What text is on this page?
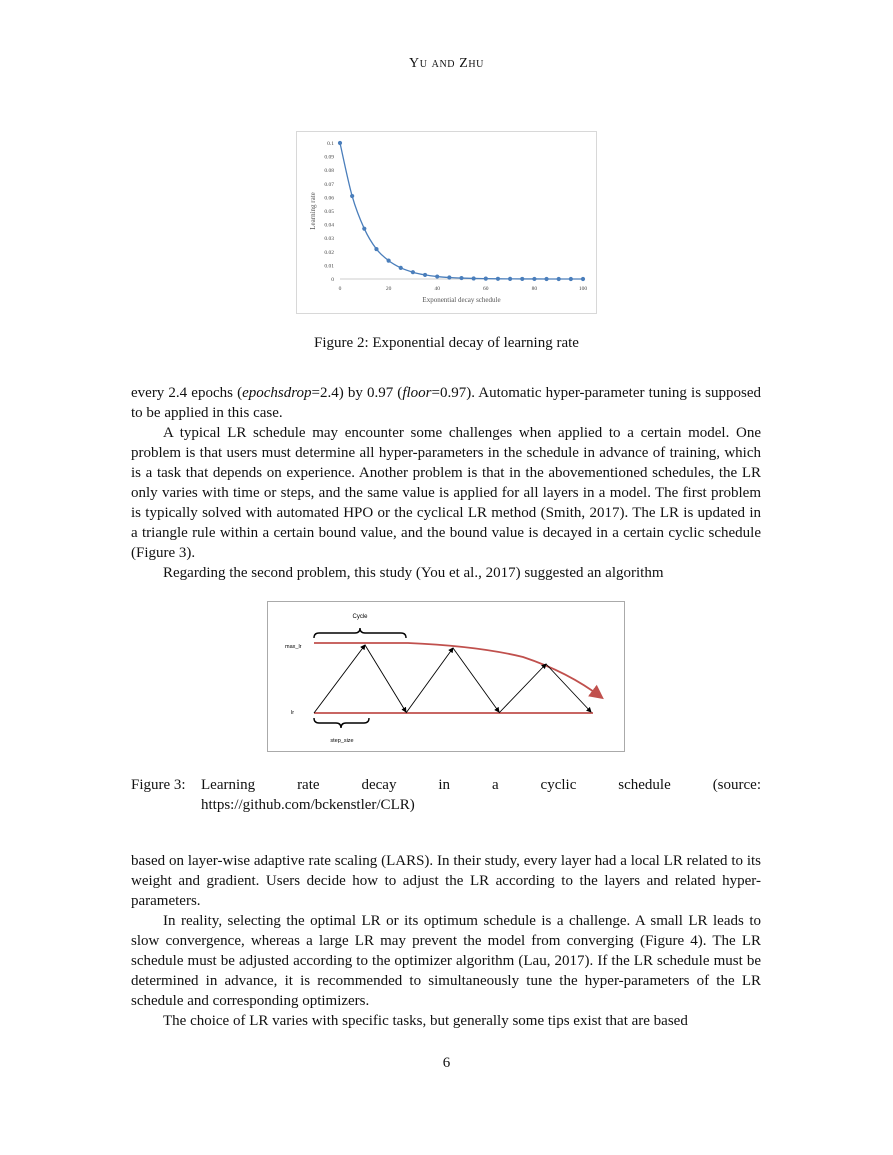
Yu and Zhu
0
0.01
0.02
0.03
0.04
0.05
0.06
0.07
0.08
0.09
0.1
0	20	40	60	80	100
Exponential decay schedule
Learning rate
Figure 2: Exponential decay of learning rate

every 2.4 epochs (epochsdrop=2.4) by 0.97 (floor=0.97). Automatic hyper-parameter tuning is supposed to be applied in this case.

A typical LR schedule may encounter some challenges when applied to a certain model. One problem is that users must determine all hyper-parameters in the schedule in advance of training, which is a task that depends on experience. Another problem is that in the abovementioned schedules, the LR only varies with time or steps, and the same value is applied for all layers in a model. The first problem is typically solved with automated HPO or the cyclical LR method (Smith, 2017). The LR is updated in a triangle rule within a certain bound value, and the bound value is decayed in a certain cyclic schedule (Figure 3).

Regarding the second problem, this study (You et al., 2017) suggested an algorithm

Cycle
max_lr
lr
step_size
Figure 3: Learning rate decay in a cyclic schedule (source:
https://github.com/bckenstler/CLR)

based on layer-wise adaptive rate scaling (LARS). In their study, every layer had a local LR related to its weight and gradient. Users decide how to adjust the LR according to the layers and related hyper-parameters.

In reality, selecting the optimal LR or its optimum schedule is a challenge. A small LR leads to slow convergence, whereas a large LR may prevent the model from converging (Figure 4). The LR schedule must be adjusted according to the optimizer algorithm (Lau, 2017). If the LR schedule must be determined in advance, it is recommended to simultaneously tune the hyper-parameters of the LR schedule and corresponding optimizers.

The choice of LR varies with specific tasks, but generally some tips exist that are based

6
